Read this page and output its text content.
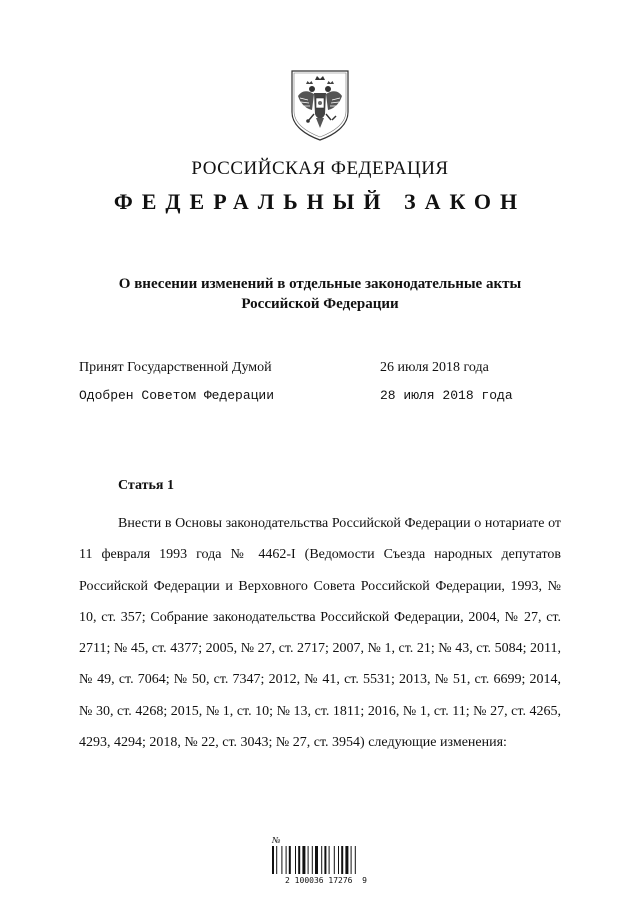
РОССИЙСКАЯ ФЕДЕРАЦИЯ
ФЕДЕРАЛЬНЫЙ ЗАКОН
О внесении изменений в отдельные законодательные акты
Российской Федерации
Принят Государственной Думой	26 июля 2018 года
Одобрен Советом Федерации	28 июля 2018 года
Статья 1

Внести в Основы законодательства Российской Федерации о нотариате от 11 февраля 1993 года № 4462-I (Ведомости Съезда народных депутатов Российской Федерации и Верховного Совета Российской Федерации, 1993, № 10, ст. 357; Собрание законодательства Российской Федерации, 2004, № 27, ст. 2711; № 45, ст. 4377; 2005, № 27, ст. 2717; 2007, № 1, ст. 21; № 43, ст. 5084; 2011, № 49, ст. 7064; № 50, ст. 7347; 2012, № 41, ст. 5531; 2013, № 51, ст. 6699; 2014, № 30, ст. 4268; 2015, № 1, ст. 10; № 13, ст. 1811; 2016, № 1, ст. 11; № 27, ст. 4265, 4293, 4294; 2018, № 22, ст. 3043; № 27, ст. 3954) следующие изменения:

№
2 100036 17276  9
